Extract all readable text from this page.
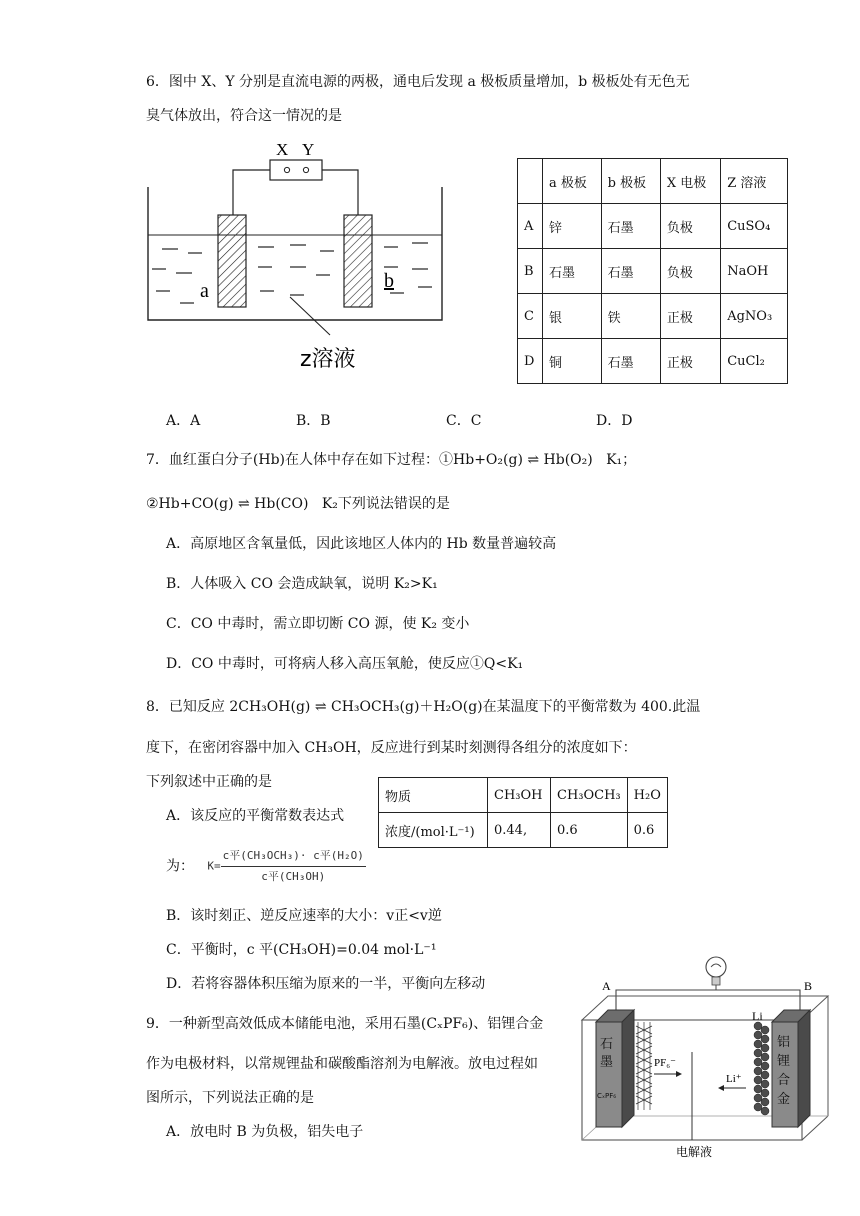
6．图中 X、Y 分别是直流电源的两极，通电后发现 a 极板质量增加，b 极板处有无色无
臭气体放出，符合这一情况的是
X Y
a	b
z溶液
	a 极板	b 极板	X 电极	Z 溶液
A	锌	石墨	负极	CuSO₄
B	石墨	石墨	负极	NaOH
C	银	铁	正极	AgNO₃
D	铜	石墨	正极	CuCl₂
A．A	B．B	C．C	D．D
7．血红蛋白分子(Hb)在人体中存在如下过程：①Hb+O₂(g) ⇌ Hb(O₂) K₁；
②Hb+CO(g) ⇌ Hb(CO) K₂下列说法错误的是
A．高原地区含氧量低，因此该地区人体内的 Hb 数量普遍较高
B．人体吸入 CO 会造成缺氧，说明 K₂>K₁
C．CO 中毒时，需立即切断 CO 源，使 K₂ 变小
D．CO 中毒时，可将病人移入高压氧舱，使反应①Q<K₁
8．已知反应 2CH₃OH(g) ⇌ CH₃OCH₃(g)＋H₂O(g)在某温度下的平衡常数为 400.此温
度下，在密闭容器中加入 CH₃OH，反应进行到某时刻测得各组分的浓度如下：
下列叙述中正确的是
物质	CH₃OH	CH₃OCH₃	H₂O
浓度/(mol·L⁻¹)	0.44,	0.6	0.6
A．该反应的平衡常数表达式
为： $K= \frac{\text{c平(CH₃OCH₃)· c平(H₂O)}}{\text{c平(CH₃OH)}}$
B．该时刻正、逆反应速率的大小：v正<v逆
C．平衡时，c 平(CH₃OH)=0.04 mol·L⁻¹
D．若将容器体积压缩为原来的一半，平衡向左移动
9．一种新型高效低成本储能电池，采用石墨(CₓPF₆)、铝锂合金
作为电极材料，以常规锂盐和碳酸酯溶剂为电解液。放电过程如
图所示，下列说法正确的是
A．放电时 B 为负极，铝失电子
A	B
石
墨
CₓPF₆
PF₆⁻
Li⁺
Li
铝
锂
合
金
电解液
